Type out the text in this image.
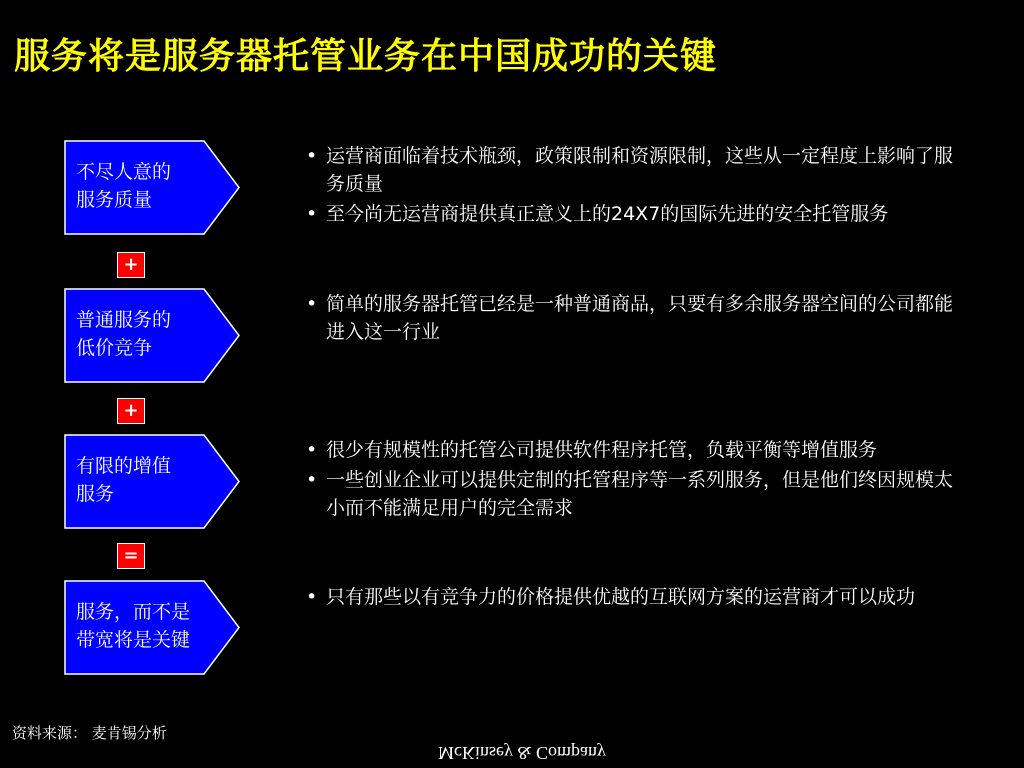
服务将是服务器托管业务在中国成功的关键
不尽人意的
服务质量
+
普通服务的
低价竞争
+
有限的增值
服务
=
服务，而不是
带宽将是关键
• 运营商面临着技术瓶颈，政策限制和资源限制，这些从一定程度上影响了服务质量
• 至今尚无运营商提供真正意义上的24X7的国际先进的安全托管服务
• 简单的服务器托管已经是一种普通商品，只要有多余服务器空间的公司都能进入这一行业
• 很少有规模性的托管公司提供软件程序托管，负载平衡等增值服务
• 一些创业企业可以提供定制的托管程序等一系列服务，但是他们终因规模太小而不能满足用户的完全需求
• 只有那些以有竞争力的价格提供优越的互联网方案的运营商才可以成功
资料来源： 麦肯锡分析
McKinsey & Company
